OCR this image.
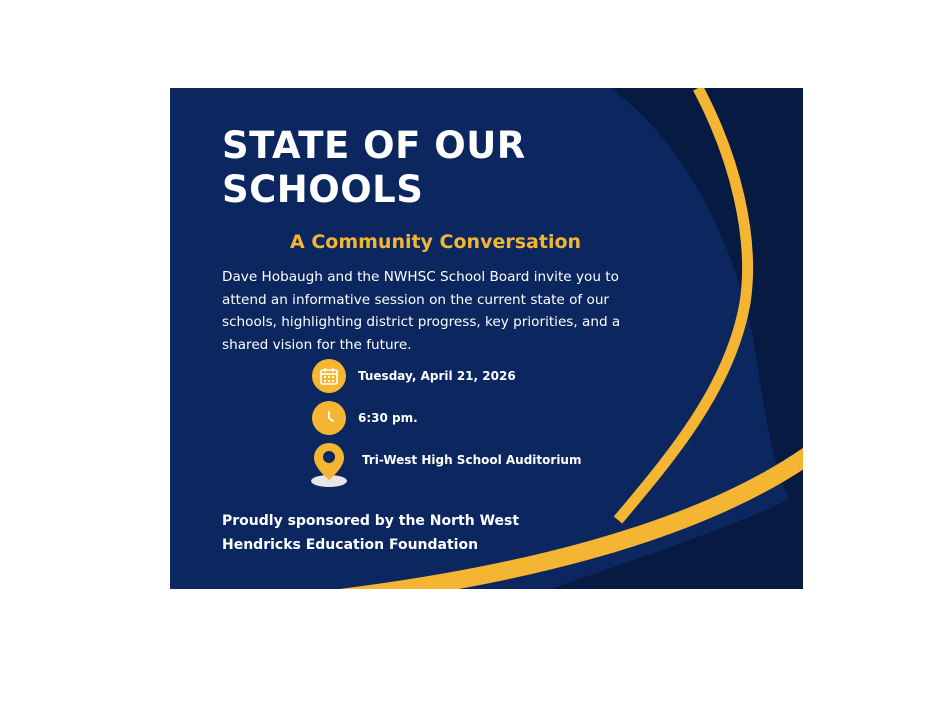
STATE OF OUR
SCHOOLS
A Community Conversation

Dave Hobaugh and the NWHSC School Board invite you to
attend an informative session on the current state of our
schools, highlighting district progress, key priorities, and a
shared vision for the future.

Tuesday, April 21, 2026
6:30 pm.
Tri-West High School Auditorium

Proudly sponsored by the North West
Hendricks Education Foundation
